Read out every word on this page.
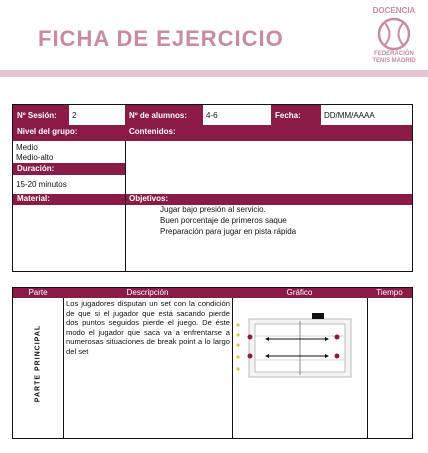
FICHA DE EJERCICIO
DOCENCIA
FEDERACIÓN
TENIS MADRID
Nº Sesión:	2	Nº de alumnos:	4-6	Fecha:	DD/MM/AAAA
Nivel del grupo:	Contenidos:
Medio
Medio-alto
Duración:
15-20 minutos
Material:	Objetivos:
Jugar bajo presión al servicio.
Buen porcentaje de primeros saque
Preparación para jugar en pista rápida
Parte	Descripción	Gráfico	Tiempo
PARTE PRINCIPAL
Los jugadores disputan un set con la condición de que si el jugador que está sacando pierde dos puntos seguidos pierde el juego. De éste modo el jugador que saca va a enfrentarse a numerosas situaciones de break point a lo largo del set
